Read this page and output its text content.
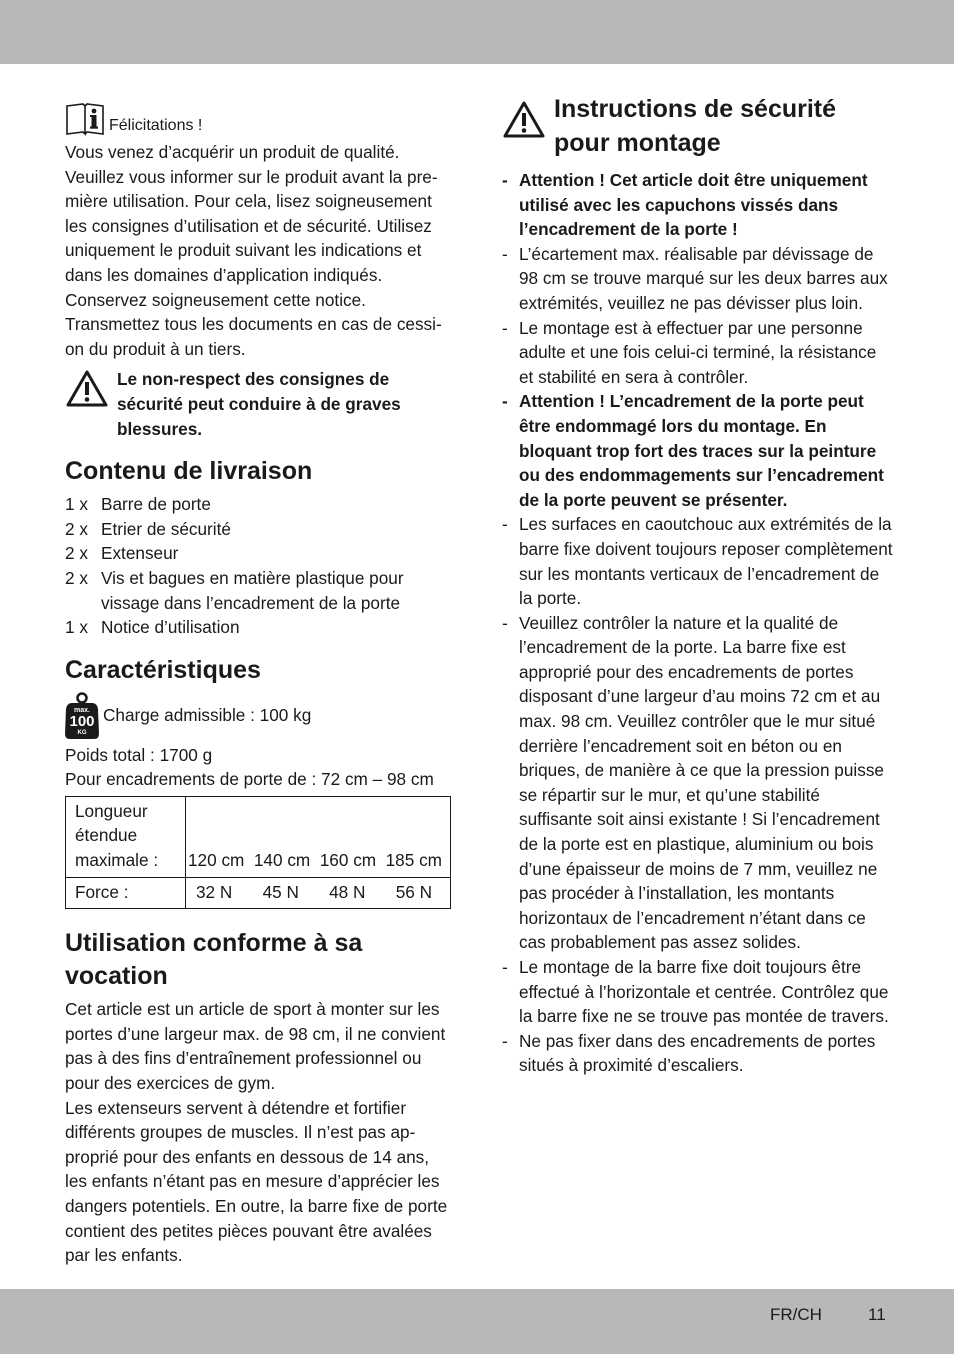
Félicitations !

Vous venez d’acquérir un produit de qualité. Veuillez vous informer sur le produit avant la première utilisation. Pour cela, lisez soigneusement les consignes d’utilisation et de sécurité. Utilisez uniquement le produit suivant les indications et dans les domaines d’application indiqués.

Conservez soigneusement cette notice.

Transmettez tous les documents en cas de cession du produit à un tiers.

Le non-respect des consignes de sécurité peut conduire à de graves blessures.

Contenu de livraison
1 x Barre de porte
2 x Etrier de sécurité
2 x Extenseur
2 x Vis et bagues en matière plastique pour vissage dans l’encadrement de la porte
1 x Notice d’utilisation
Caractéristiques
max.
100
KG
Charge admissible : 100 kg

Poids total : 1700 g

Pour encadrements de porte de : 72 cm – 98 cm

Longueur étendue maximale :	120 cm 140 cm 160 cm 185 cm

Force :	32 N 45 N 48 N 56 N
Utilisation conforme à sa vocation

Cet article est un article de sport à monter sur les portes d’une largeur max. de 98 cm, il ne convient pas à des fins d’entraînement professionnel ou pour des exercices de gym.

Les extenseurs servent à détendre et fortifier différents groupes de muscles. Il n’est pas approprié pour des enfants en dessous de 14 ans, les enfants n’étant pas en mesure d’apprécier les dangers potentiels. En outre, la barre fixe de porte contient des petites pièces pouvant être avalées par les enfants.

Instructions de sécurité pour montage
- Attention ! Cet article doit être uniquement utilisé avec les capuchons vissés dans l’encadrement de la porte !
- L’écartement max. réalisable par dévissage de 98 cm se trouve marqué sur les deux barres aux extrémités, veuillez ne pas dévisser plus loin.
- Le montage est à effectuer par une personne adulte et une fois celui-ci terminé, la résistance et stabilité en sera à contrôler.
- Attention ! L’encadrement de la porte peut être endommagé lors du montage. En bloquant trop fort des traces sur la peinture ou des endommagements sur l’encadrement de la porte peuvent se présenter.
- Les surfaces en caoutchouc aux extrémités de la barre fixe doivent toujours reposer complètement sur les montants verticaux de l’encadrement de la porte.
- Veuillez contrôler la nature et la qualité de l’encadrement de la porte. La barre fixe est approprié pour des encadrements de portes disposant d’une largeur d’au moins 72 cm et au max. 98 cm. Veuillez contrôler que le mur situé derrière l’encadrement soit en béton ou en briques, de manière à ce que la pression puisse se répartir sur le mur, et qu’une stabilité suffisante soit ainsi existante ! Si l’encadrement de la porte est en plastique, aluminium ou bois d’une épaisseur de moins de 7 mm, veuillez ne pas procéder à l’installation, les montants horizontaux de l’encadrement n’étant dans ce cas probablement pas assez solides.
- Le montage de la barre fixe doit toujours être effectué à l’horizontale et centrée. Contrôlez que la barre fixe ne se trouve pas montée de travers.
- Ne pas fixer dans des encadrements de portes situés à proximité d’escaliers.
FR/CH	11
